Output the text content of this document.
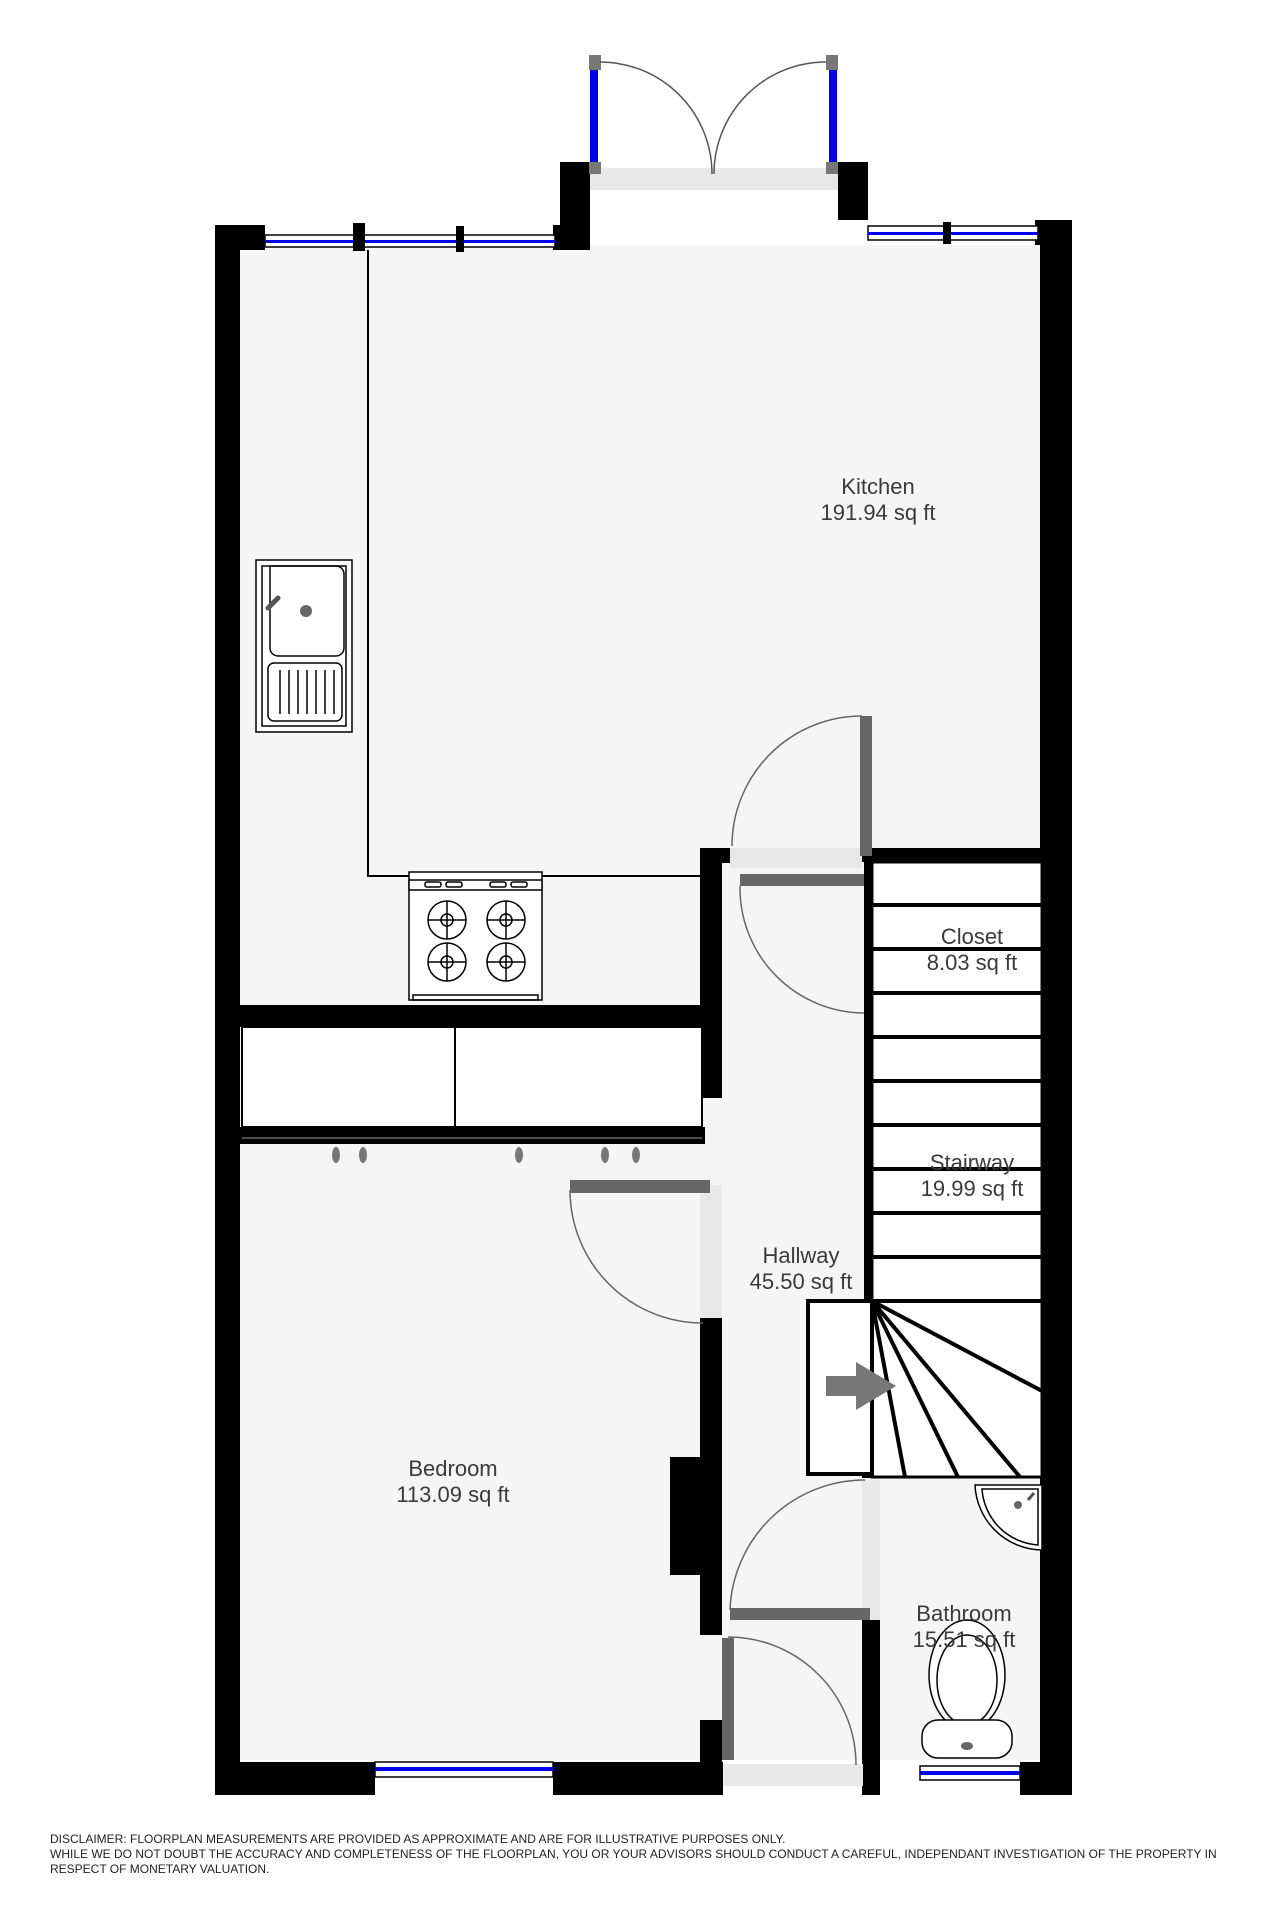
Kitchen
191.94 sq ft
Closet
8.03 sq ft
Stairway
19.99 sq ft
Hallway
45.50 sq ft
Bedroom
113.09 sq ft
Bathroom
15.51 sq ft
DISCLAIMER: FLOORPLAN MEASUREMENTS ARE PROVIDED AS APPROXIMATE AND ARE FOR ILLUSTRATIVE PURPOSES ONLY.
WHILE WE DO NOT DOUBT THE ACCURACY AND COMPLETENESS OF THE FLOORPLAN, YOU OR YOUR ADVISORS SHOULD CONDUCT A CAREFUL, INDEPENDANT INVESTIGATION OF THE PROPERTY IN
RESPECT OF MONETARY VALUATION.
